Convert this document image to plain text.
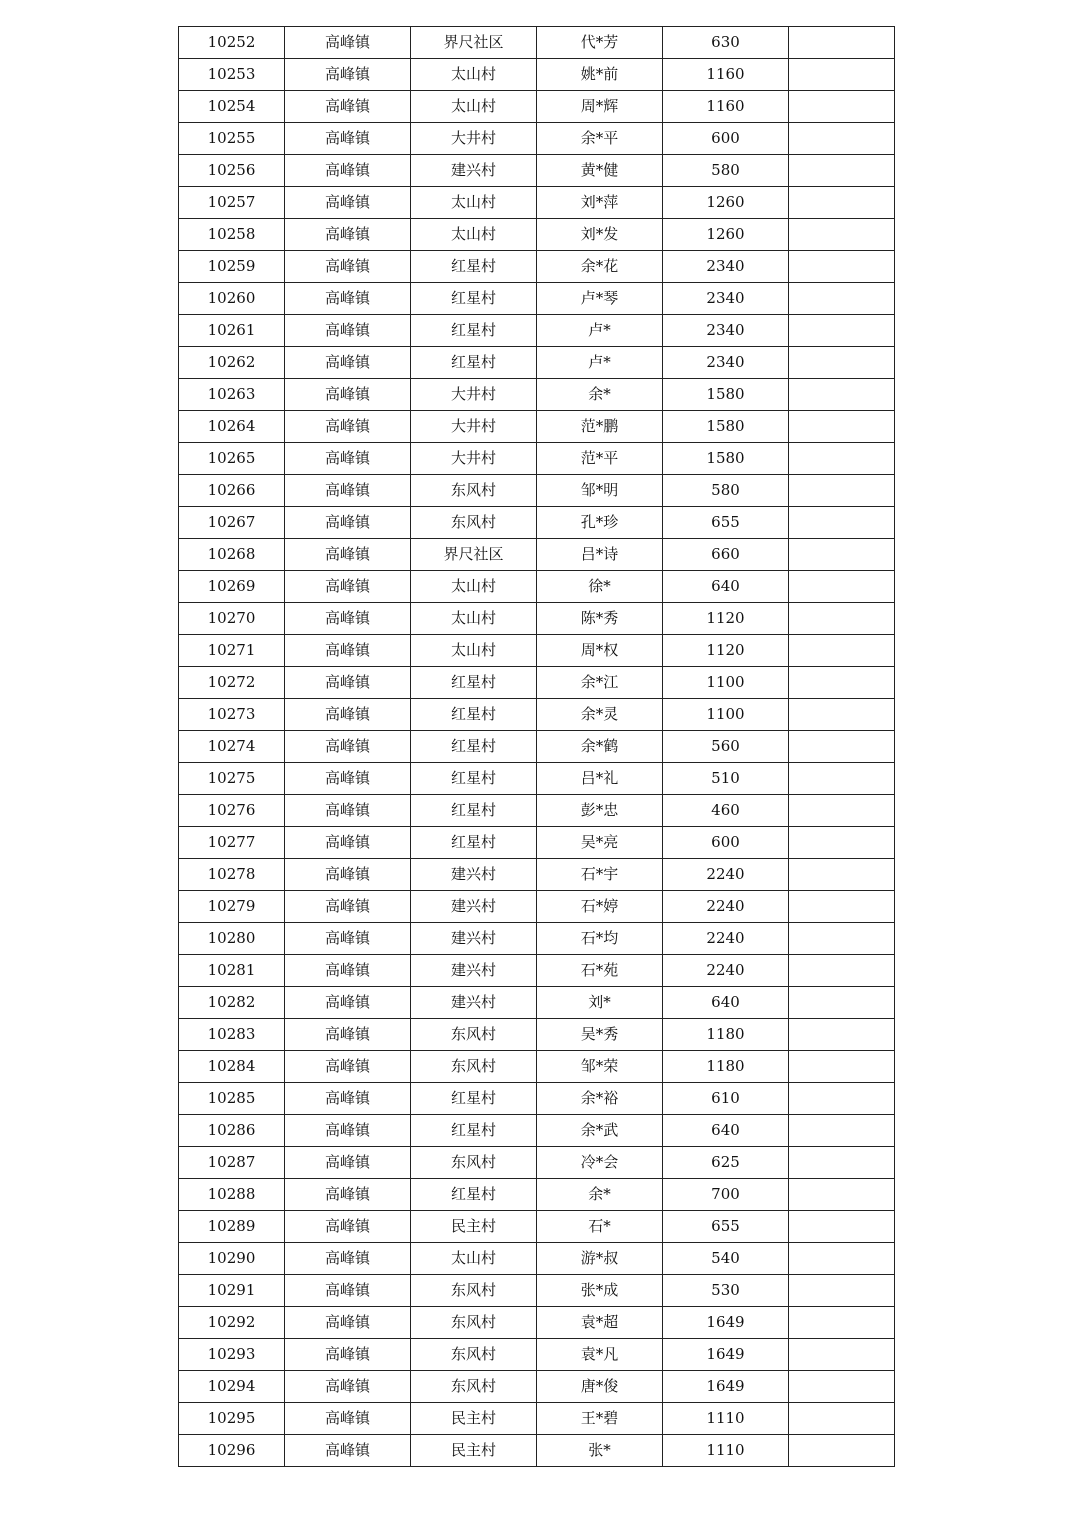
10252	高峰镇	界尺社区	代*芳	630	
10253	高峰镇	太山村	姚*前	1160	
10254	高峰镇	太山村	周*辉	1160	
10255	高峰镇	大井村	余*平	600	
10256	高峰镇	建兴村	黄*健	580	
10257	高峰镇	太山村	刘*萍	1260	
10258	高峰镇	太山村	刘*发	1260	
10259	高峰镇	红星村	余*花	2340	
10260	高峰镇	红星村	卢*琴	2340	
10261	高峰镇	红星村	卢*	2340	
10262	高峰镇	红星村	卢*	2340	
10263	高峰镇	大井村	余*	1580	
10264	高峰镇	大井村	范*鹏	1580	
10265	高峰镇	大井村	范*平	1580	
10266	高峰镇	东风村	邹*明	580	
10267	高峰镇	东风村	孔*珍	655	
10268	高峰镇	界尺社区	吕*诗	660	
10269	高峰镇	太山村	徐*	640	
10270	高峰镇	太山村	陈*秀	1120	
10271	高峰镇	太山村	周*权	1120	
10272	高峰镇	红星村	余*江	1100	
10273	高峰镇	红星村	余*灵	1100	
10274	高峰镇	红星村	余*鹤	560	
10275	高峰镇	红星村	吕*礼	510	
10276	高峰镇	红星村	彭*忠	460	
10277	高峰镇	红星村	吴*亮	600	
10278	高峰镇	建兴村	石*宇	2240	
10279	高峰镇	建兴村	石*婷	2240	
10280	高峰镇	建兴村	石*均	2240	
10281	高峰镇	建兴村	石*苑	2240	
10282	高峰镇	建兴村	刘*	640	
10283	高峰镇	东风村	吴*秀	1180	
10284	高峰镇	东风村	邹*荣	1180	
10285	高峰镇	红星村	余*裕	610	
10286	高峰镇	红星村	余*武	640	
10287	高峰镇	东风村	冷*会	625	
10288	高峰镇	红星村	余*	700	
10289	高峰镇	民主村	石*	655	
10290	高峰镇	太山村	游*叔	540	
10291	高峰镇	东风村	张*成	530	
10292	高峰镇	东风村	袁*超	1649	
10293	高峰镇	东风村	袁*凡	1649	
10294	高峰镇	东风村	唐*俊	1649	
10295	高峰镇	民主村	王*碧	1110	
10296	高峰镇	民主村	张*	1110	
